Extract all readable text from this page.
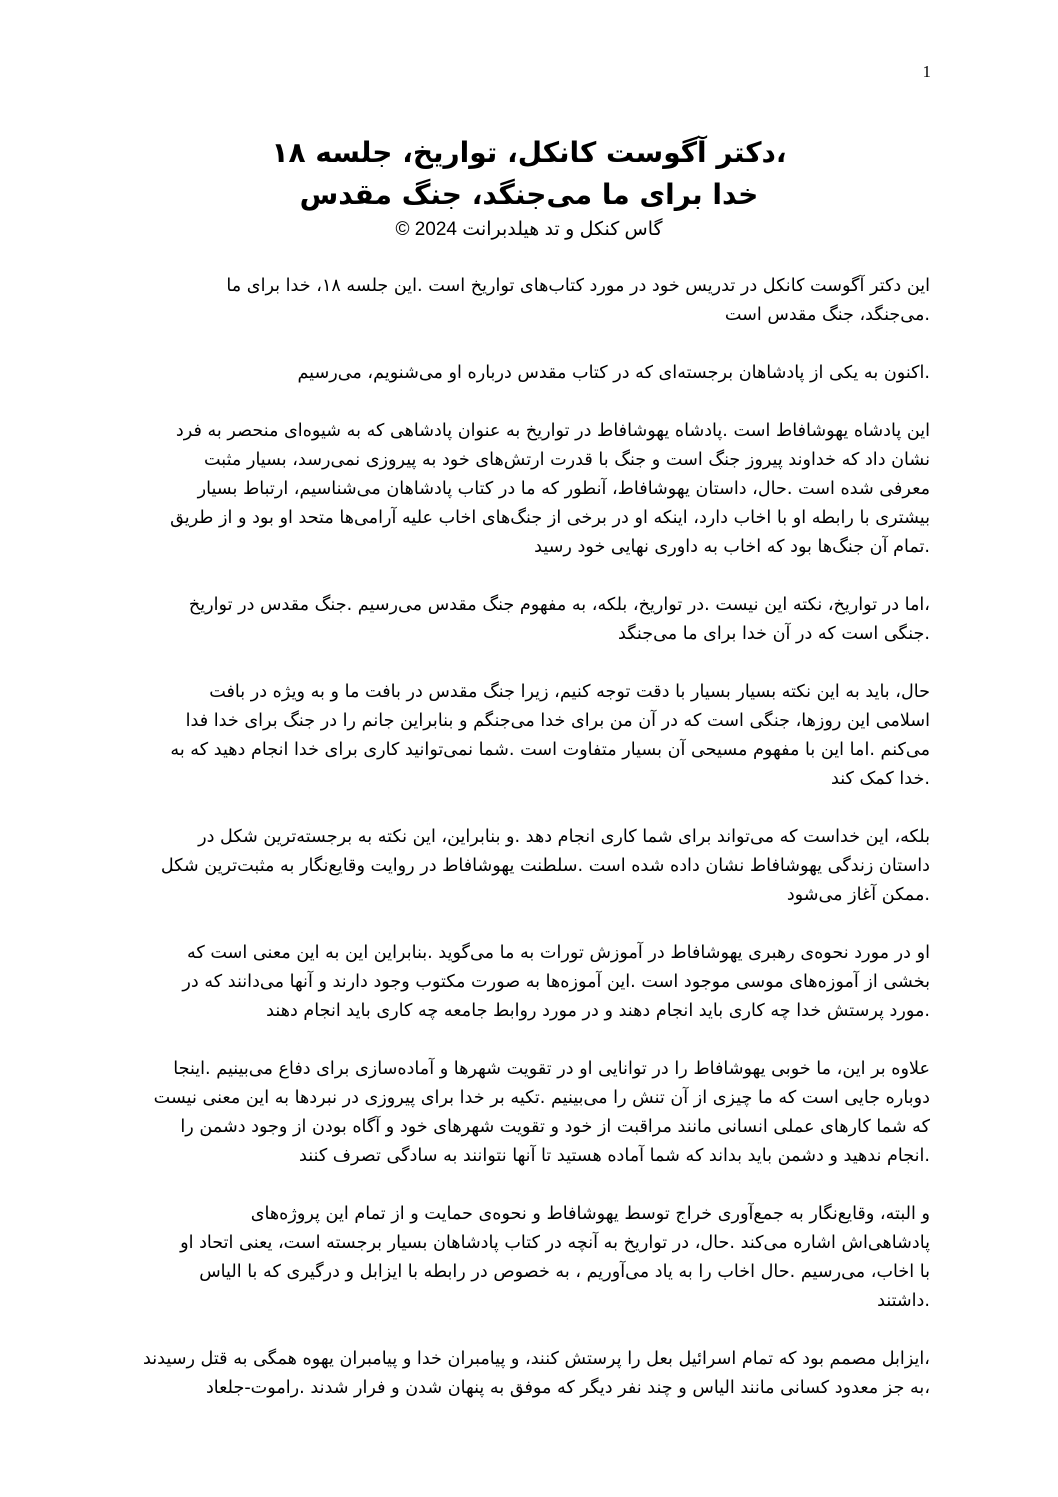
1
،دکتر آگوست کانکل، تواریخ، جلسه ۱۸
خدا برای ما می‌جنگد، جنگ مقدس
گاس کنکل و تد هیلدبرانت 2024 ©
این دکتر آگوست کانکل در تدریس خود در مورد کتاب‌های تواریخ است .این جلسه ۱۸، خدا برای ما
.می‌جنگد، جنگ مقدس است
.اکنون به یکی از پادشاهان برجسته‌ای که در کتاب مقدس درباره او می‌شنویم، می‌رسیم
این پادشاه یهوشافاط است .پادشاه یهوشافاط در تواریخ به عنوان پادشاهی که به شیوه‌ای منحصر به فرد
نشان داد که خداوند پیروز جنگ است و جنگ با قدرت ارتش‌های خود به پیروزی نمی‌رسد، بسیار مثبت
معرفی شده است .حال، داستان یهوشافاط، آنطور که ما در کتاب پادشاهان می‌شناسیم، ارتباط بسیار
بیشتری با رابطه او با اخاب دارد، اینکه او در برخی از جنگ‌های اخاب علیه آرامی‌ها متحد او بود و از طریق
.تمام آن جنگ‌ها بود که اخاب به داوری نهایی خود رسید
،اما در تواریخ، نکته این نیست .در تواریخ، بلکه، به مفهوم جنگ مقدس می‌رسیم .جنگ مقدس در تواریخ
.جنگی است که در آن خدا برای ما می‌جنگد
حال، باید به این نکته بسیار بسیار با دقت توجه کنیم، زیرا جنگ مقدس در بافت ما و به ویژه در بافت
اسلامی این روزها، جنگی است که در آن من برای خدا می‌جنگم و بنابراین جانم را در جنگ برای خدا فدا
می‌کنم .اما این با مفهوم مسیحی آن بسیار متفاوت است .شما نمی‌توانید کاری برای خدا انجام دهید که به
.خدا کمک کند
بلکه، این خداست که می‌تواند برای شما کاری انجام دهد .و بنابراین، این نکته به برجسته‌ترین شکل در
داستان زندگی یهوشافاط نشان داده شده است .سلطنت یهوشافاط در روایت وقایع‌نگار به مثبت‌ترین شکل
.ممکن آغاز می‌شود
او در مورد نحوه‌ی رهبری یهوشافاط در آموزش تورات به ما می‌گوید .بنابراین این به این معنی است که
بخشی از آموزه‌های موسی موجود است .این آموزه‌ها به صورت مکتوب وجود دارند و آنها می‌دانند که در
.مورد پرستش خدا چه کاری باید انجام دهند و در مورد روابط جامعه چه کاری باید انجام دهند
علاوه بر این، ما خوبی یهوشافاط را در توانایی او در تقویت شهرها و آماده‌سازی برای دفاع می‌بینیم .اینجا
دوباره جایی است که ما چیزی از آن تنش را می‌بینیم .تکیه بر خدا برای پیروزی در نبردها به این معنی نیست
که شما کارهای عملی انسانی مانند مراقبت از خود و تقویت شهرهای خود و آگاه بودن از وجود دشمن را
.انجام ندهید و دشمن باید بداند که شما آماده هستید تا آنها نتوانند به سادگی تصرف کنند
و البته، وقایع‌نگار به جمع‌آوری خراج توسط یهوشافاط و نحوه‌ی حمایت و از تمام این پروژه‌های
پادشاهی‌اش اشاره می‌کند .حال، در تواریخ به آنچه در کتاب پادشاهان بسیار برجسته است، یعنی اتحاد او
با اخاب، می‌رسیم .حال اخاب را به یاد می‌آوریم ، به خصوص در رابطه با ایزابل و درگیری که با الیاس
.داشتند
،ایزابل مصمم بود که تمام اسرائیل بعل را پرستش کنند، و پیامبران خدا و پیامبران یهوه همگی به قتل رسیدند
،به جز معدود کسانی مانند الیاس و چند نفر دیگر که موفق به پنهان شدن و فرار شدند .راموت-جلعاد
